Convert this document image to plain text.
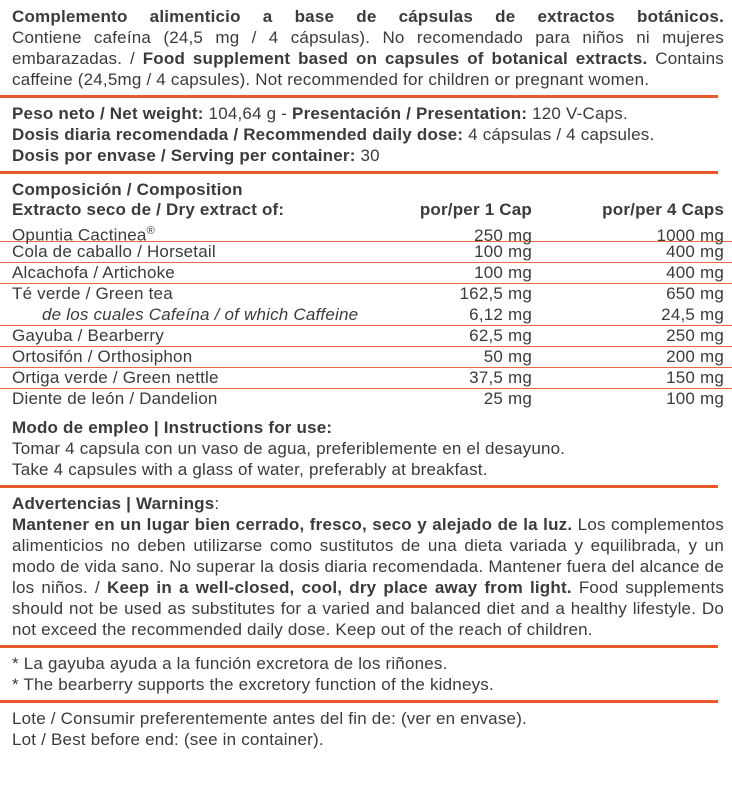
Complemento alimenticio a base de cápsulas de extractos botánicos.
Contiene cafeína (24,5 mg / 4 cápsulas). No recomendado para niños ni mujeres embarazadas. / Food supplement based on capsules of botanical extracts. Contains caffeine (24,5mg / 4 capsules). Not recommended for children or pregnant women.

Peso neto / Net weight: 104,64 g - Presentación / Presentation: 120 V-Caps.

Dosis diaria recomendada / Recommended daily dose: 4 cápsulas / 4 capsules.

Dosis por envase / Serving per container: 30

Composición / Composition

Extracto seco de / Dry extract of:	por/per 1 Cap	por/per 4 Caps
Opuntia Cactinea®	250 mg	1000 mg
Cola de caballo / Horsetail	100 mg	400 mg
Alcachofa / Artichoke	100 mg	400 mg
Té verde / Green tea	162,5 mg	650 mg
de los cuales Cafeína / of which Caffeine	6,12 mg	24,5 mg
Gayuba / Bearberry	62,5 mg	250 mg
Ortosifón / Orthosiphon	50 mg	200 mg
Ortiga verde / Green nettle	37,5 mg	150 mg
Diente de león / Dandelion	25 mg	100 mg

Modo de empleo | Instructions for use:

Tomar 4 capsula con un vaso de agua, preferiblemente en el desayuno.

Take 4 capsules with a glass of water, preferably at breakfast.

Advertencias | Warnings:

Mantener en un lugar bien cerrado, fresco, seco y alejado de la luz. Los complementos alimenticios no deben utilizarse como sustitutos de una dieta variada y equilibrada, y un modo de vida sano. No superar la dosis diaria recomendada. Mantener fuera del alcance de los niños. / Keep in a well-closed, cool, dry place away from light. Food supplements should not be used as substitutes for a varied and balanced diet and a healthy lifestyle. Do not exceed the recommended daily dose. Keep out of the reach of children.

* La gayuba ayuda a la función excretora de los riñones.

* The bearberry supports the excretory function of the kidneys.

Lote / Consumir preferentemente antes del fin de: (ver en envase).

Lot / Best before end: (see in container).
